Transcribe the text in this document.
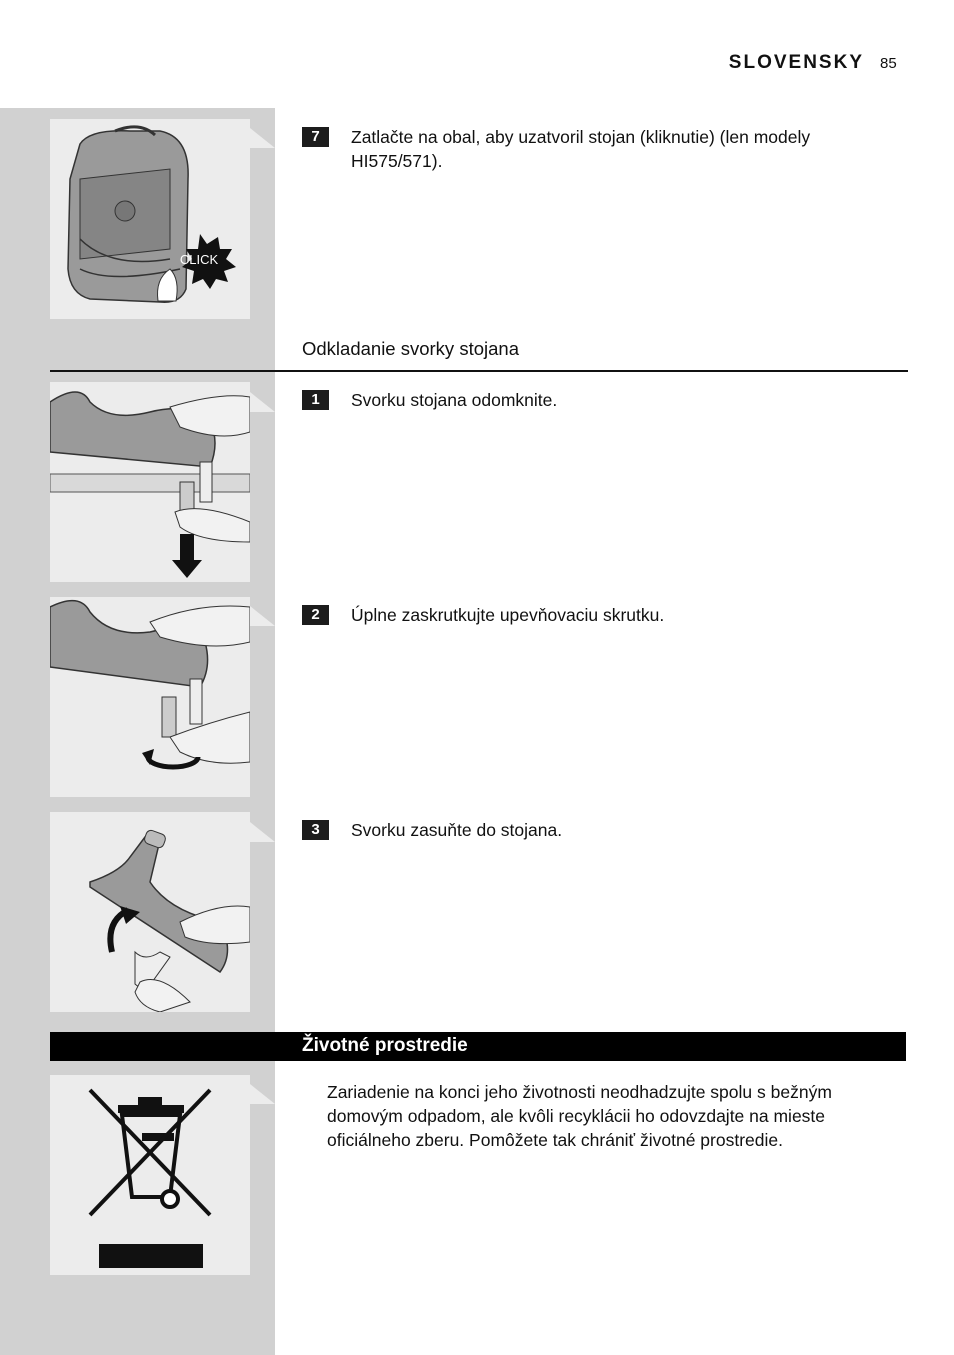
SLOVENSKY 85
CLICK
7	Zatlačte na obal, aby uzatvoril stojan (kliknutie) (len modely HI575/571).
Odkladanie svorky stojana
1	Svorku stojana odomknite.
2	Úplne zaskrutkujte upevňovaciu skrutku.
3	Svorku zasuňte do stojana.
Životné prostredie
Zariadenie na konci jeho životnosti neodhadzujte spolu s bežným domovým odpadom, ale kvôli recyklácii ho odovzdajte na mieste oficiálneho zberu. Pomôžete tak chrániť životné prostredie.
